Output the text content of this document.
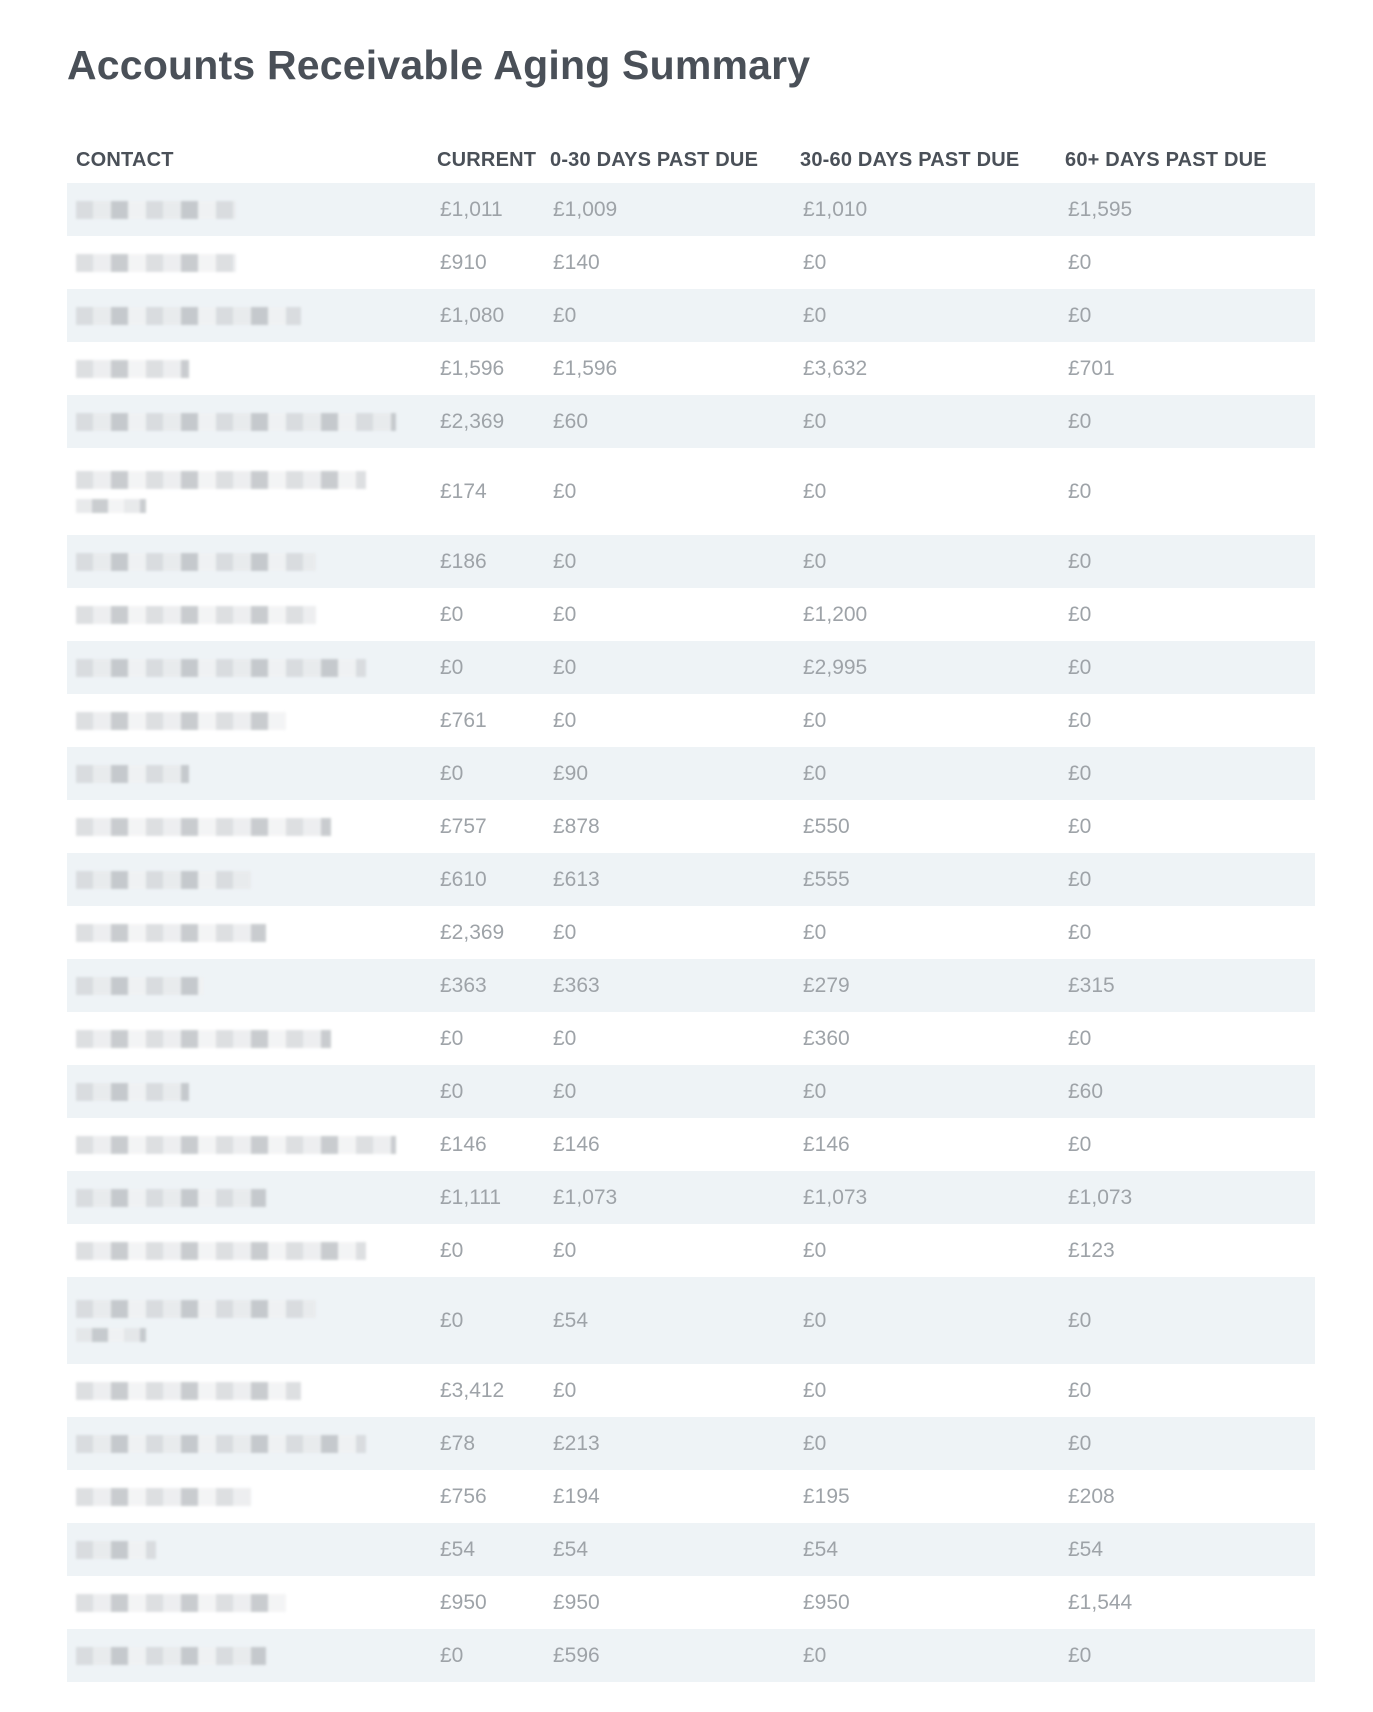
Accounts Receivable Aging Summary
CONTACT	CURRENT	0-30 DAYS PAST DUE	30-60 DAYS PAST DUE	60+ DAYS PAST DUE

	£1,011	£1,009	£1,010	£1,595

	£910	£140	£0	£0

	£1,080	£0	£0	£0

	£1,596	£1,596	£3,632	£701

	£2,369	£60	£0	£0

	£174	£0	£0	£0

	£186	£0	£0	£0

	£0	£0	£1,200	£0

	£0	£0	£2,995	£0

	£761	£0	£0	£0

	£0	£90	£0	£0

	£757	£878	£550	£0

	£610	£613	£555	£0

	£2,369	£0	£0	£0

	£363	£363	£279	£315

	£0	£0	£360	£0

	£0	£0	£0	£60

	£146	£146	£146	£0

	£1,111	£1,073	£1,073	£1,073

	£0	£0	£0	£123

	£0	£54	£0	£0

	£3,412	£0	£0	£0

	£78	£213	£0	£0

	£756	£194	£195	£208

	£54	£54	£54	£54

	£950	£950	£950	£1,544

	£0	£596	£0	£0
